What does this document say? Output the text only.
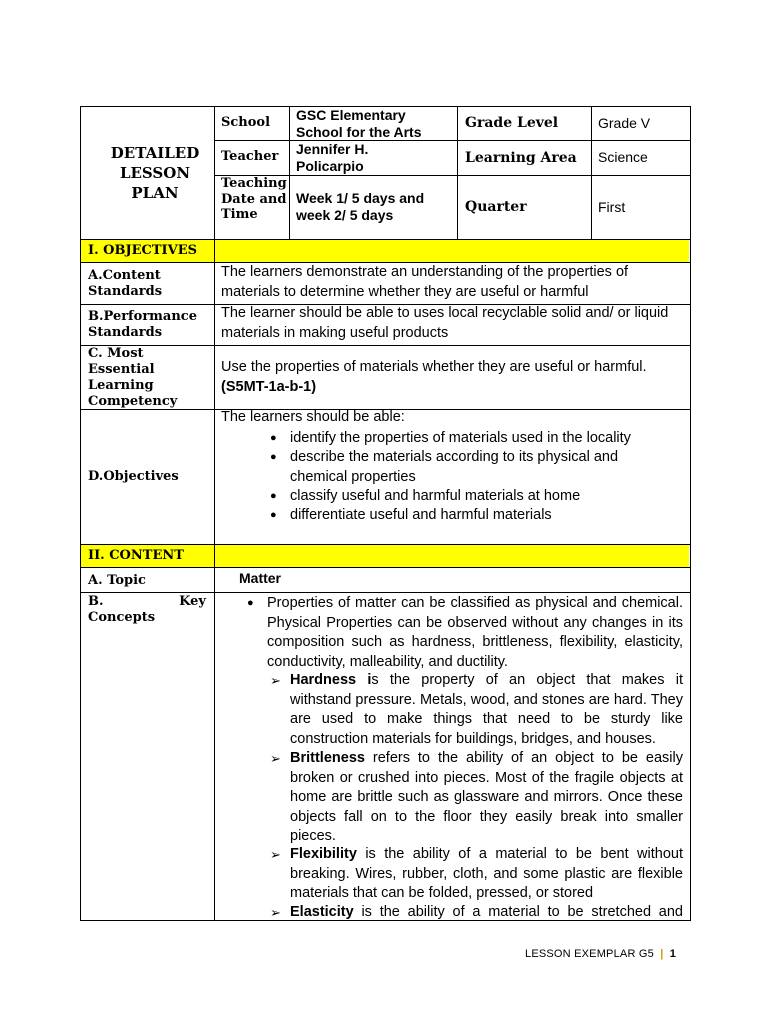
DETAILED LESSON PLAN
School
Teacher
Teaching Date and Time
GSC Elementary School for the Arts
Jennifer H. Policarpio
Week 1/ 5 days and week 2/ 5 days
Grade Level
Learning Area
Quarter
Grade V
Science
First
I. OBJECTIVES
A.Content Standards
The learners demonstrate an understanding of the properties of materials to determine whether they are useful or harmful
B.Performance Standards
The learner should be able to uses local recyclable solid and/ or liquid materials in making useful products
C. Most Essential Learning Competency
Use the properties of materials whether they are useful or harmful.
(S5MT-1a-b-1)
D.Objectives
The learners should be able:
● identify the properties of materials used in the locality
● describe the materials according to its physical and chemical properties
● classify useful and harmful materials at home
● differentiate useful and harmful materials
II. CONTENT
A. Topic	Matter
B. Key Concepts
● Properties of matter can be classified as physical and chemical. Physical Properties can be observed without any changes in its composition such as hardness, brittleness, flexibility, elasticity, conductivity, malleability, and ductility.
➢ Hardness is the property of an object that makes it withstand pressure. Metals, wood, and stones are hard. They are used to make things that need to be sturdy like construction materials for buildings, bridges, and houses.
➢ Brittleness refers to the ability of an object to be easily broken or crushed into pieces. Most of the fragile objects at home are brittle such as glassware and mirrors. Once these objects fall on to the floor they easily break into smaller pieces.
➢ Flexibility is the ability of a material to be bent without breaking. Wires, rubber, cloth, and some plastic are flexible materials that can be folded, pressed, or stored
➢ Elasticity is the ability of a material to be stretched and
LESSON EXEMPLAR G5 | 1
